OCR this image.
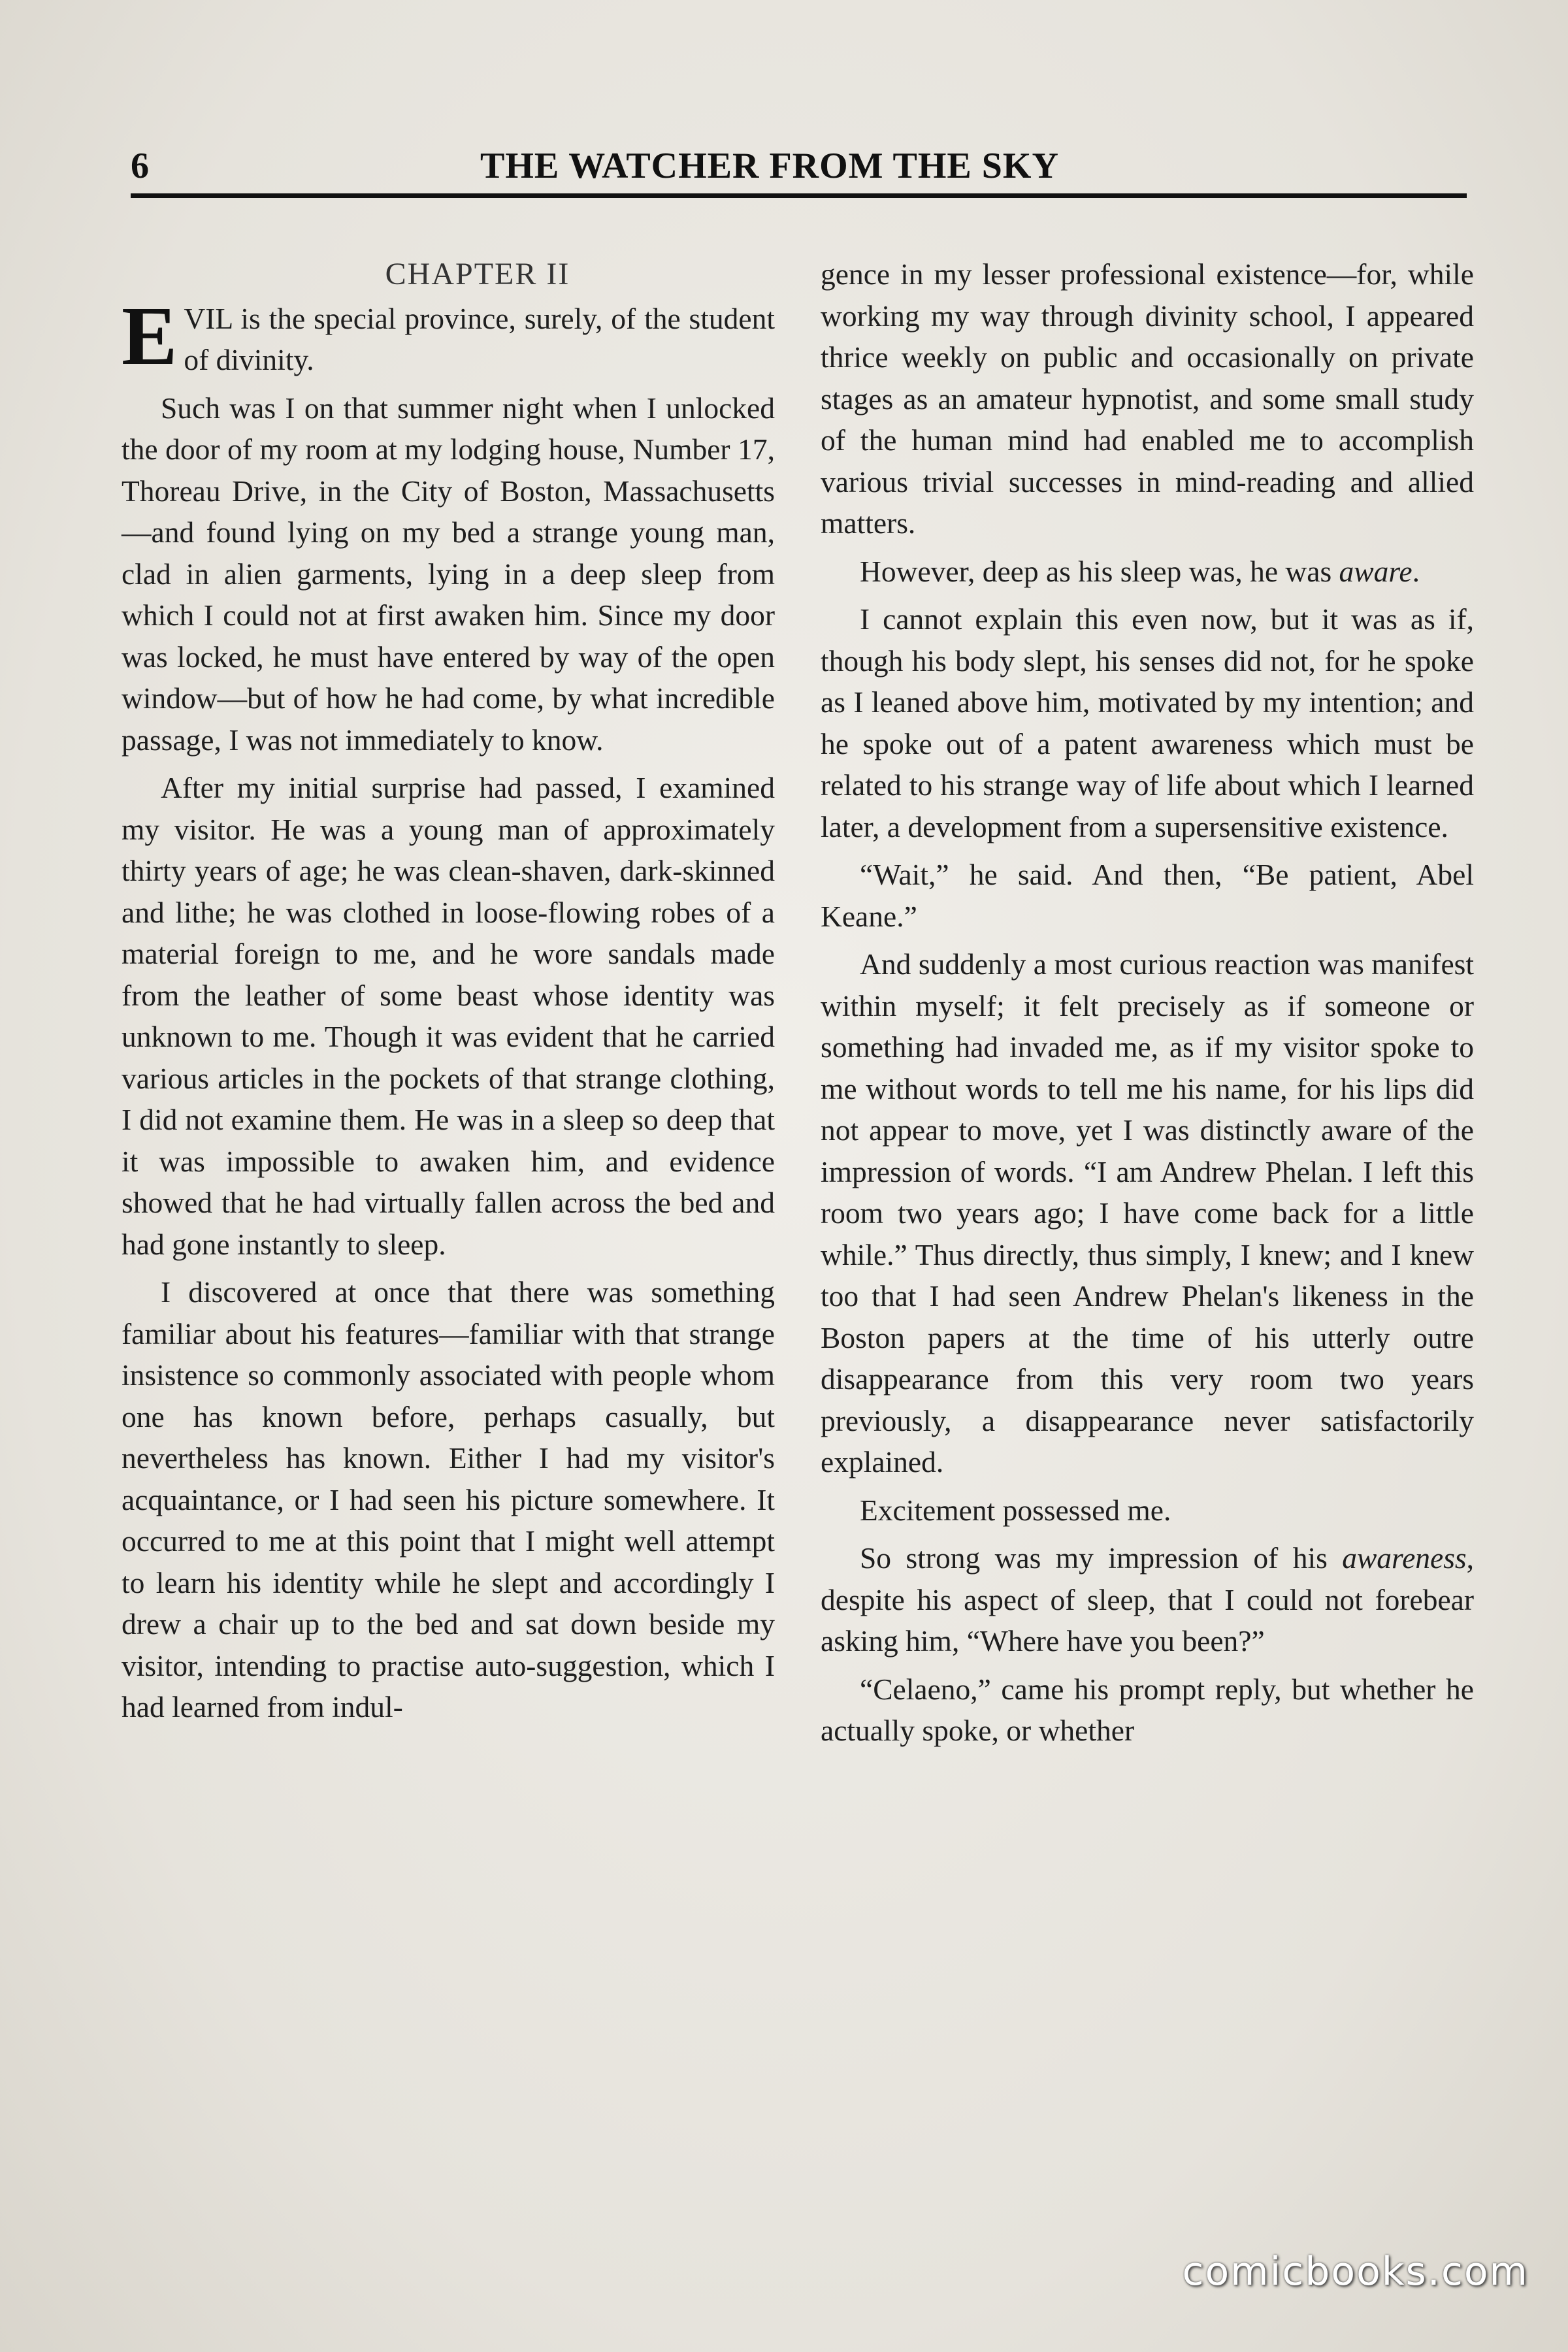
6	THE WATCHER FROM THE SKY
CHAPTER II

EVIL is the special province, surely, of the student of divinity.

Such was I on that summer night when I unlocked the door of my room at my lodging house, Number 17, Thoreau Drive, in the City of Boston, Massachusetts—and found lying on my bed a strange young man, clad in alien garments, lying in a deep sleep from which I could not at first awaken him. Since my door was locked, he must have entered by way of the open window—but of how he had come, by what incredible passage, I was not immediately to know.

After my initial surprise had passed, I examined my visitor. He was a young man of approximately thirty years of age; he was clean-shaven, dark-skinned and lithe; he was clothed in loose-flowing robes of a material foreign to me, and he wore sandals made from the leather of some beast whose identity was unknown to me. Though it was evident that he carried various articles in the pockets of that strange clothing, I did not examine them. He was in a sleep so deep that it was impossible to awaken him, and evidence showed that he had virtually fallen across the bed and had gone instantly to sleep.

I discovered at once that there was something familiar about his features—familiar with that strange insistence so commonly associated with people whom one has known before, perhaps casually, but nevertheless has known. Either I had my visitor's acquaintance, or I had seen his picture somewhere. It occurred to me at this point that I might well attempt to learn his identity while he slept and accordingly I drew a chair up to the bed and sat down beside my visitor, intending to practise auto-suggestion, which I had learned from indul-

gence in my lesser professional existence—for, while working my way through divinity school, I appeared thrice weekly on public and occasionally on private stages as an amateur hypnotist, and some small study of the human mind had enabled me to accomplish various trivial successes in mind-reading and allied matters.

However, deep as his sleep was, he was aware.

I cannot explain this even now, but it was as if, though his body slept, his senses did not, for he spoke as I leaned above him, motivated by my intention; and he spoke out of a patent awareness which must be related to his strange way of life about which I learned later, a development from a supersensitive existence.

“Wait,” he said. And then, “Be patient, Abel Keane.”

And suddenly a most curious reaction was manifest within myself; it felt precisely as if someone or something had invaded me, as if my visitor spoke to me without words to tell me his name, for his lips did not appear to move, yet I was distinctly aware of the impression of words. “I am Andrew Phelan. I left this room two years ago; I have come back for a little while.” Thus directly, thus simply, I knew; and I knew too that I had seen Andrew Phelan's likeness in the Boston papers at the time of his utterly outre disappearance from this very room two years previously, a disappearance never satisfactorily explained.

Excitement possessed me.

So strong was my impression of his awareness, despite his aspect of sleep, that I could not forebear asking him, “Where have you been?”

“Celaeno,” came his prompt reply, but whether he actually spoke, or whether

comicbooks.com
